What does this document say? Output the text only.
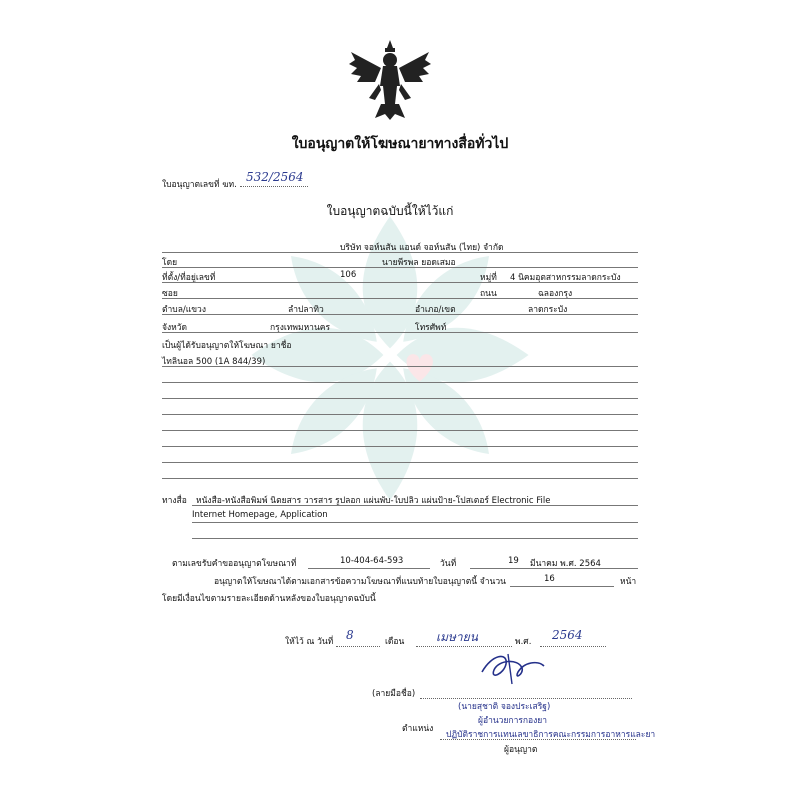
ใบอนุญาตให้โฆษณายาทางสื่อทั่วไป
ใบอนุญาตเลขที่ ฆท.
532/2564
ใบอนุญาตฉบับนี้ให้ไว้แก่
บริษัท จอห์นสัน แอนด์ จอห์นสัน (ไทย) จำกัด
โดย	นายพีรพล ยอดเสมอ
ที่ตั้ง/ที่อยู่เลขที่	106	หมู่ที่ 4 นิคมอุตสาหกรรมลาดกระบัง
ซอย	ถนน	ฉลองกรุง
ตำบล/แขวง	ลำปลาทิว	อำเภอ/เขต	ลาดกระบัง
จังหวัด	กรุงเทพมหานคร	โทรศัพท์
เป็นผู้ได้รับอนุญาตให้โฆษณา ยาชื่อ
ไทลินอล 500 (1A 844/39)
ทางสื่อ หนังสือ-หนังสือพิมพ์ นิตยสาร วารสาร รูปลอก แผ่นพับ-ใบปลิว แผ่นป้าย-โปสเตอร์ Electronic File
Internet Homepage, Application
ตามเลขรับคำขออนุญาตโฆษณาที่	10-404-64-593	วันที่	19 มีนาคม พ.ศ. 2564
อนุญาตให้โฆษณาได้ตามเอกสารข้อความโฆษณาที่แนบท้ายใบอนุญาตนี้ จำนวน	16	หน้า
โดยมีเงื่อนไขตามรายละเอียดด้านหลังของใบอนุญาตฉบับนี้
ให้ไว้ ณ วันที่ 8	เดือน	เมษายน	พ.ศ. 2564
(ลายมือชื่อ)
(นายสุชาติ จองประเสริฐ)
ผู้อำนวยการกองยา
ตำแหน่ง
ปฏิบัติราชการแทนเลขาธิการคณะกรรมการอาหารและยา
ผู้อนุญาต
